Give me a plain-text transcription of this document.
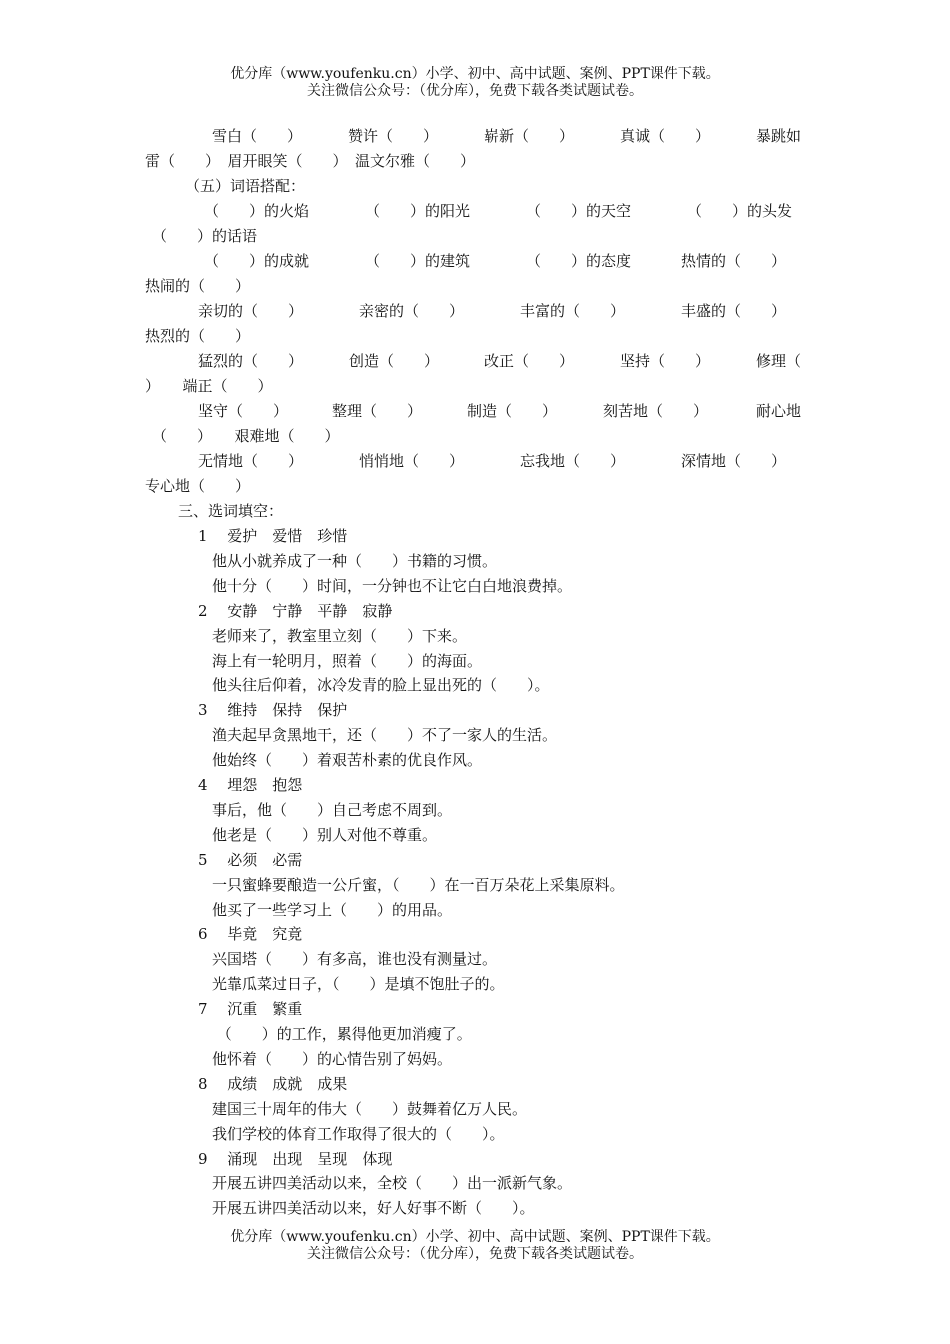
优分库（www.youfenku.cn）小学、初中、高中试题、案例、PPT课件下载。
关注微信公众号：（优分库），免费下载各类试题试卷。
雪白（　　）	赞许（　　）	崭新（　　）	真诚（　　）	暴跳如
雷（　　）　眉开眼笑（　　）　温文尔雅（　　）
（五）词语搭配：
（　　）的火焰	（　　）的阳光	（　　）的天空	（　　）的头发
（　　）的话语
（　　）的成就	（　　）的建筑	（　　）的态度	热情的（　　）
热闹的（　　）
亲切的（　　）	亲密的（　　）	丰富的（　　）	丰盛的（　　）
热烈的（　　）
猛烈的（　　）	创造（　　）	改正（　　）	坚持（　　）	修理（
）　　端正（　　）
坚守（　　）	整理（　　）	制造（　　）	刻苦地（　　）	耐心地
（　　）　　艰难地（　　）
无情地（　　）	悄悄地（　　）	忘我地（　　）	深情地（　　）
专心地（　　）
三、选词填空：
1　 爱护　爱惜　珍惜
他从小就养成了一种（　　）书籍的习惯。
他十分（　　）时间，一分钟也不让它白白地浪费掉。
2　 安静　宁静　平静　寂静
老师来了，教室里立刻（　　）下来。
海上有一轮明月，照着（　　）的海面。
他头往后仰着，冰冷发青的脸上显出死的（　　）。
3　 维持　保持　保护
渔夫起早贪黑地干，还（　　）不了一家人的生活。
他始终（　　）着艰苦朴素的优良作风。
4　 埋怨　抱怨
事后，他（　　）自己考虑不周到。
他老是（　　）别人对他不尊重。
5　 必须　必需
一只蜜蜂要酿造一公斤蜜，（　　）在一百万朵花上采集原料。
他买了一些学习上（　　）的用品。
6　 毕竟　究竟
兴国塔（　　）有多高，谁也没有测量过。
光靠瓜菜过日子，（　　）是填不饱肚子的。
7　 沉重　繁重
（　　）的工作，累得他更加消瘦了。
他怀着（　　）的心情告别了妈妈。
8　 成绩　成就　成果
建国三十周年的伟大（　　）鼓舞着亿万人民。
我们学校的体育工作取得了很大的（　　）。
9　 涌现　出现　呈现　体现
开展五讲四美活动以来，全校（　　）出一派新气象。
开展五讲四美活动以来，好人好事不断（　　）。
优分库（www.youfenku.cn）小学、初中、高中试题、案例、PPT课件下载。
关注微信公众号：（优分库），免费下载各类试题试卷。
